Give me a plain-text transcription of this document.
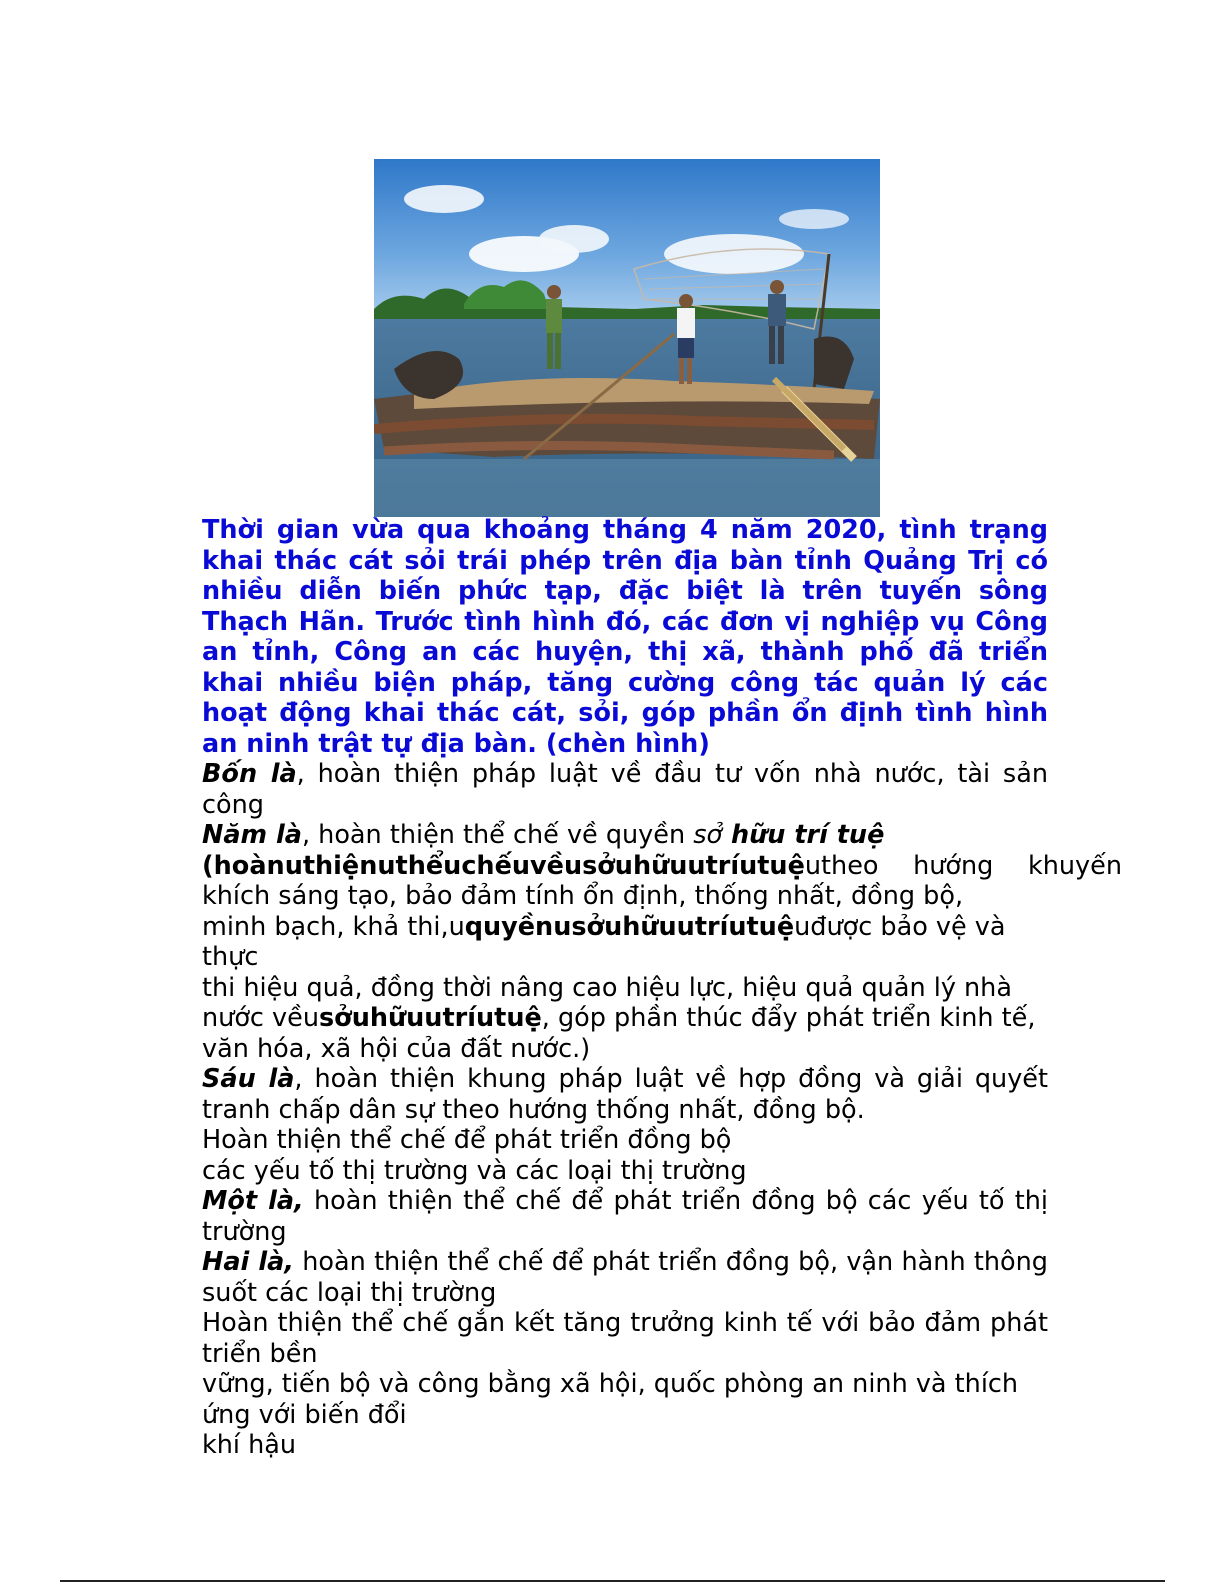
Thời gian vừa qua khoảng tháng 4 năm 2020, tình trạng khai thác cát sỏi trái phép trên địa bàn tỉnh Quảng Trị có nhiều diễn biến phức tạp, đặc biệt là trên tuyến sông Thạch Hãn. Trước tình hình đó, các đơn vị nghiệp vụ Công an tỉnh, Công an các huyện, thị xã, thành phố đã triển khai nhiều biện pháp, tăng cường công tác quản lý các hoạt động khai thác cát, sỏi, góp phần ổn định tình hình an ninh trật tự địa bàn. (chèn hình)

Bốn là, hoàn thiện pháp luật về đầu tư vốn nhà nước, tài sản công

Năm là, hoàn thiện thể chế về quyền sở hữu trí tuệ

(hoànuthiệnuthểuchếuvềusởuhữuutríutuệutheo hướng khuyến

khích sáng tạo, bảo đảm tính ổn định, thống nhất, đồng bộ,

minh bạch, khả thi,uquyềnusởuhữuutríutuệuđược bảo vệ và thực

thi hiệu quả, đồng thời nâng cao hiệu lực, hiệu quả quản lý nhà

nước vềusởuhữuutríutuệ, góp phần thúc đẩy phát triển kinh tế,

văn hóa, xã hội của đất nước.)

Sáu là, hoàn thiện khung pháp luật về hợp đồng và giải quyết tranh chấp dân sự theo hướng thống nhất, đồng bộ.

Hoàn thiện thể chế để phát triển đồng bộ

các yếu tố thị trường và các loại thị trường

Một là, hoàn thiện thể chế để phát triển đồng bộ các yếu tố thị trường

Hai là, hoàn thiện thể chế để phát triển đồng bộ, vận hành thông suốt các loại thị trường

Hoàn thiện thể chế gắn kết tăng trưởng kinh tế với bảo đảm phát triển bền

vững, tiến bộ và công bằng xã hội, quốc phòng an ninh và thích ứng với biến đổi

khí hậu
